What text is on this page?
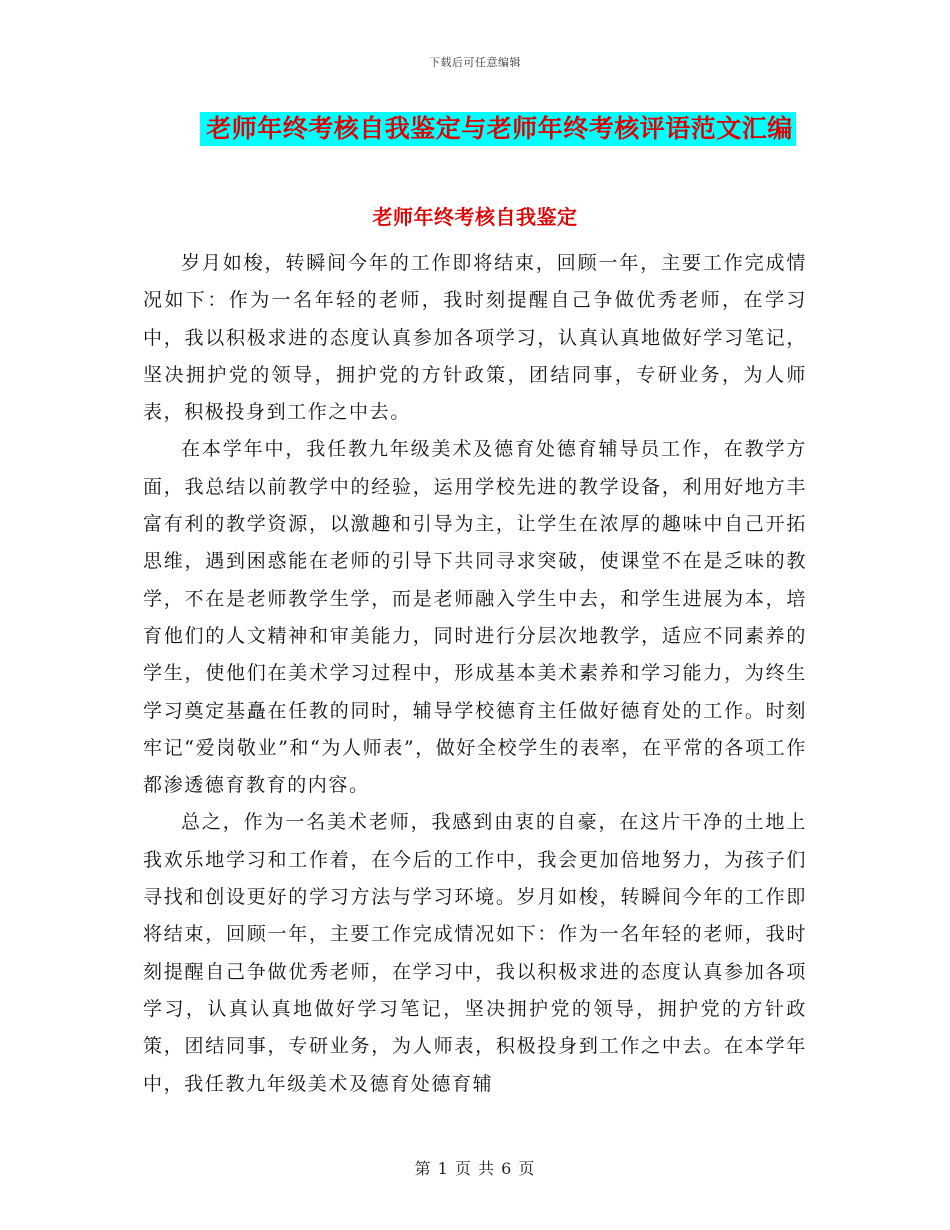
下载后可任意编辑
老师年终考核自我鉴定与老师年终考核评语范文汇编
老师年终考核自我鉴定

岁月如梭，转瞬间今年的工作即将结束，回顾一年，主要工作完成情况如下：作为一名年轻的老师，我时刻提醒自己争做优秀老师，在学习中，我以积极求进的态度认真参加各项学习，认真认真地做好学习笔记，坚决拥护党的领导，拥护党的方针政策，团结同事，专研业务，为人师表，积极投身到工作之中去。

在本学年中，我任教九年级美术及德育处德育辅导员工作，在教学方面，我总结以前教学中的经验，运用学校先进的教学设备，利用好地方丰富有利的教学资源，以激趣和引导为主，让学生在浓厚的趣味中自己开拓思维，遇到困惑能在老师的引导下共同寻求突破，使课堂不在是乏味的教学，不在是老师教学生学，而是老师融入学生中去，和学生进展为本，培育他们的人文精神和审美能力，同时进行分层次地教学，适应不同素养的学生，使他们在美术学习过程中，形成基本美术素养和学习能力，为终生学习奠定基矗在任教的同时，辅导学校德育主任做好德育处的工作。时刻牢记“爱岗敬业”和“为人师表”，做好全校学生的表率，在平常的各项工作都渗透德育教育的内容。

总之，作为一名美术老师，我感到由衷的自豪，在这片干净的土地上我欢乐地学习和工作着，在今后的工作中，我会更加倍地努力，为孩子们寻找和创设更好的学习方法与学习环境。岁月如梭，转瞬间今年的工作即将结束，回顾一年，主要工作完成情况如下：作为一名年轻的老师，我时刻提醒自己争做优秀老师，在学习中，我以积极求进的态度认真参加各项学习，认真认真地做好学习笔记，坚决拥护党的领导，拥护党的方针政策，团结同事，专研业务，为人师表，积极投身到工作之中去。在本学年中，我任教九年级美术及德育处德育辅

第 1 页 共 6 页
